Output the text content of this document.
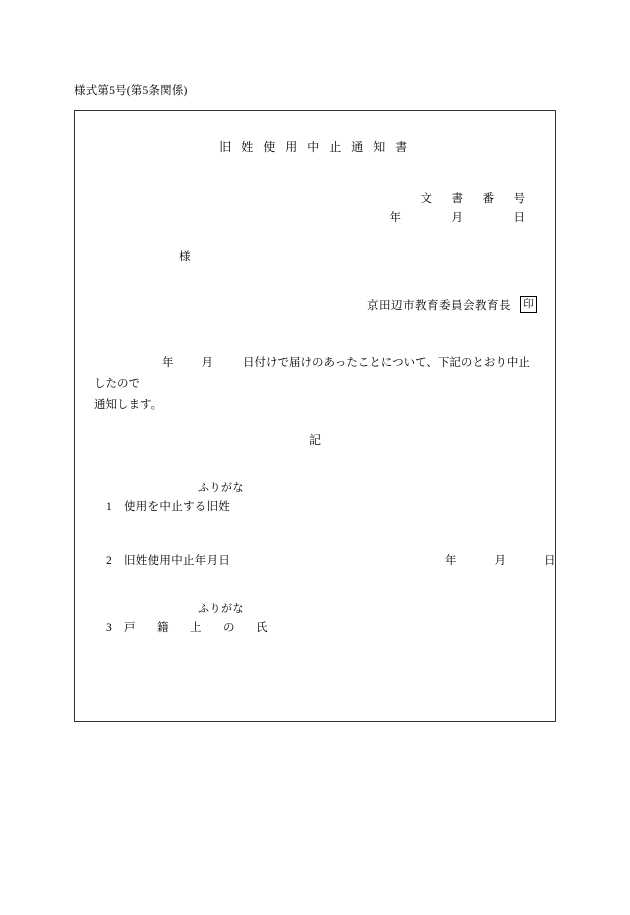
様式第5号(第5条関係)
旧 姓 使 用 中 止 通 知 書
文　書　番　号
年　　　月　　　日
様
京田辺市教育委員会教育長	印
年 月	日付けで届けのあったことについて、下記のとおり中止したので
通知します。
記
ふりがな
1 使用を中止する旧姓
2 旧姓使用中止年月日	年	月	日
ふりがな
3 戸　籍　上　の　氏
